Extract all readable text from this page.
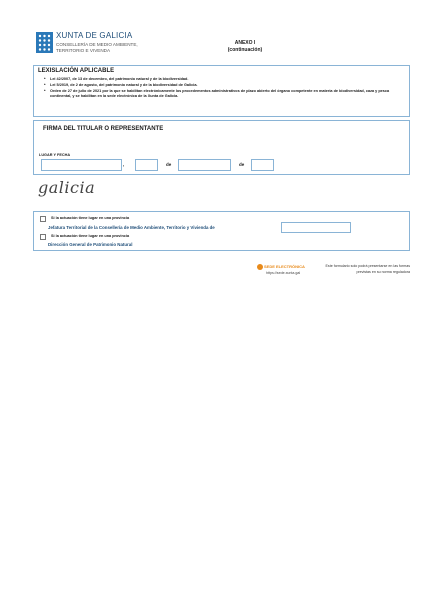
XUNTA DE GALICIA
CONSELLERÍA DE MEDIO AMBIENTE, TERRITORIO E VIVENDA
ANEXO I
(continuación)
LEXISLACIÓN APLICABLE
• Lei 42/2007, de 13 de decembro, del patrimonio natural y de la biodiversidad.
• Lei 5/2019, de 2 de agosto, del patrimonio natural y de la biodiversidad de Galicia.
• Orden de 27 de julio de 2021 por la que se habilitan electrónicamente los procedementos administrativos de plazo abierto del órgano competente en materia de biodiversidad, caza y pesca continental, y se habilitan en la sede electrónica de la Xunta de Galicia.
FIRMA DEL TITULAR O REPRESENTANTE
LUGAR Y FECHA
,	de	de
galicia
Si la actuación tiene lugar en una provincia
Jefatura Territorial de la Consellería de Medio Ambiente, Territorio y Vivienda de
Si la actuación tiene lugar en una provincia
Dirección General de Patrimonio Natural
SEDE ELECTRÓNICA
https://sede.xunta.gal
Este formulario solo podrá presentarse en las formas previstas en su norma reguladora
